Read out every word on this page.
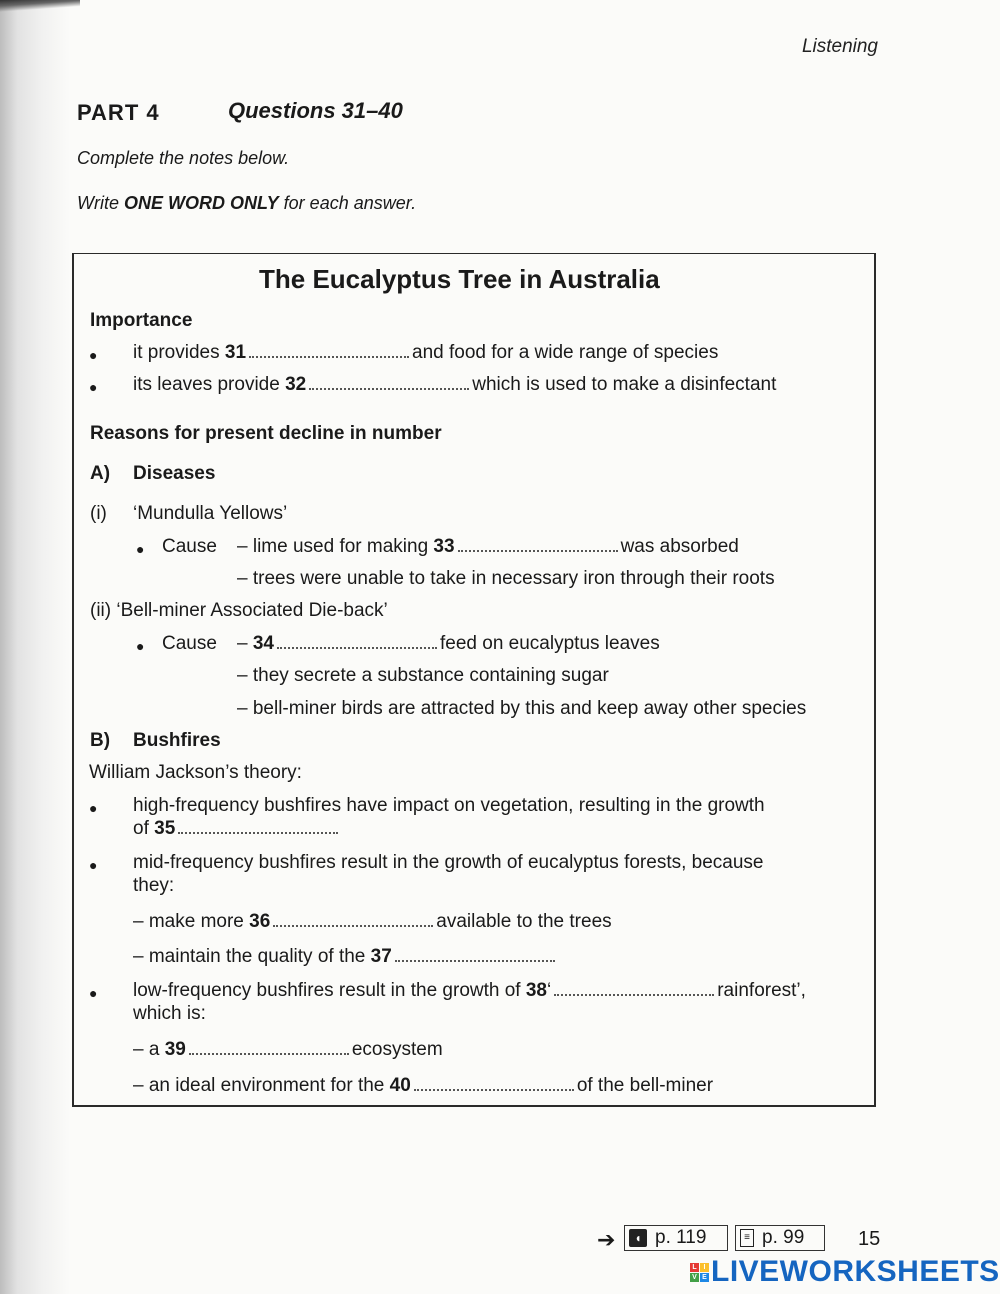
Listening
PART 4	Questions 31–40
Complete the notes below.
Write ONE WORD ONLY for each answer.
The Eucalyptus Tree in Australia
Importance
● it provides 31	and food for a wide range of species
● its leaves provide 32	which is used to make a disinfectant
Reasons for present decline in number
A) Diseases
(i) ‘Mundulla Yellows’
● Cause – lime used for making 33	was absorbed
– trees were unable to take in necessary iron through their roots
(ii) ‘Bell-miner Associated Die-back’
● Cause – 34	feed on eucalyptus leaves
– they secrete a substance containing sugar
– bell-miner birds are attracted by this and keep away other species
B) Bushfires
William Jackson’s theory:
● high-frequency bushfires have impact on vegetation, resulting in the growth
of 35
● mid-frequency bushfires result in the growth of eucalyptus forests, because
they:
– make more 36	available to the trees
– maintain the quality of the 37
● low-frequency bushfires result in the growth of 38‘	rainforest’,
which is:
– a 39	ecosystem
– an ideal environment for the 40	of the bell-miner
➔	◖ p. 119	≡ p. 99	15
L I
V E LIVEWORKSHEETS
